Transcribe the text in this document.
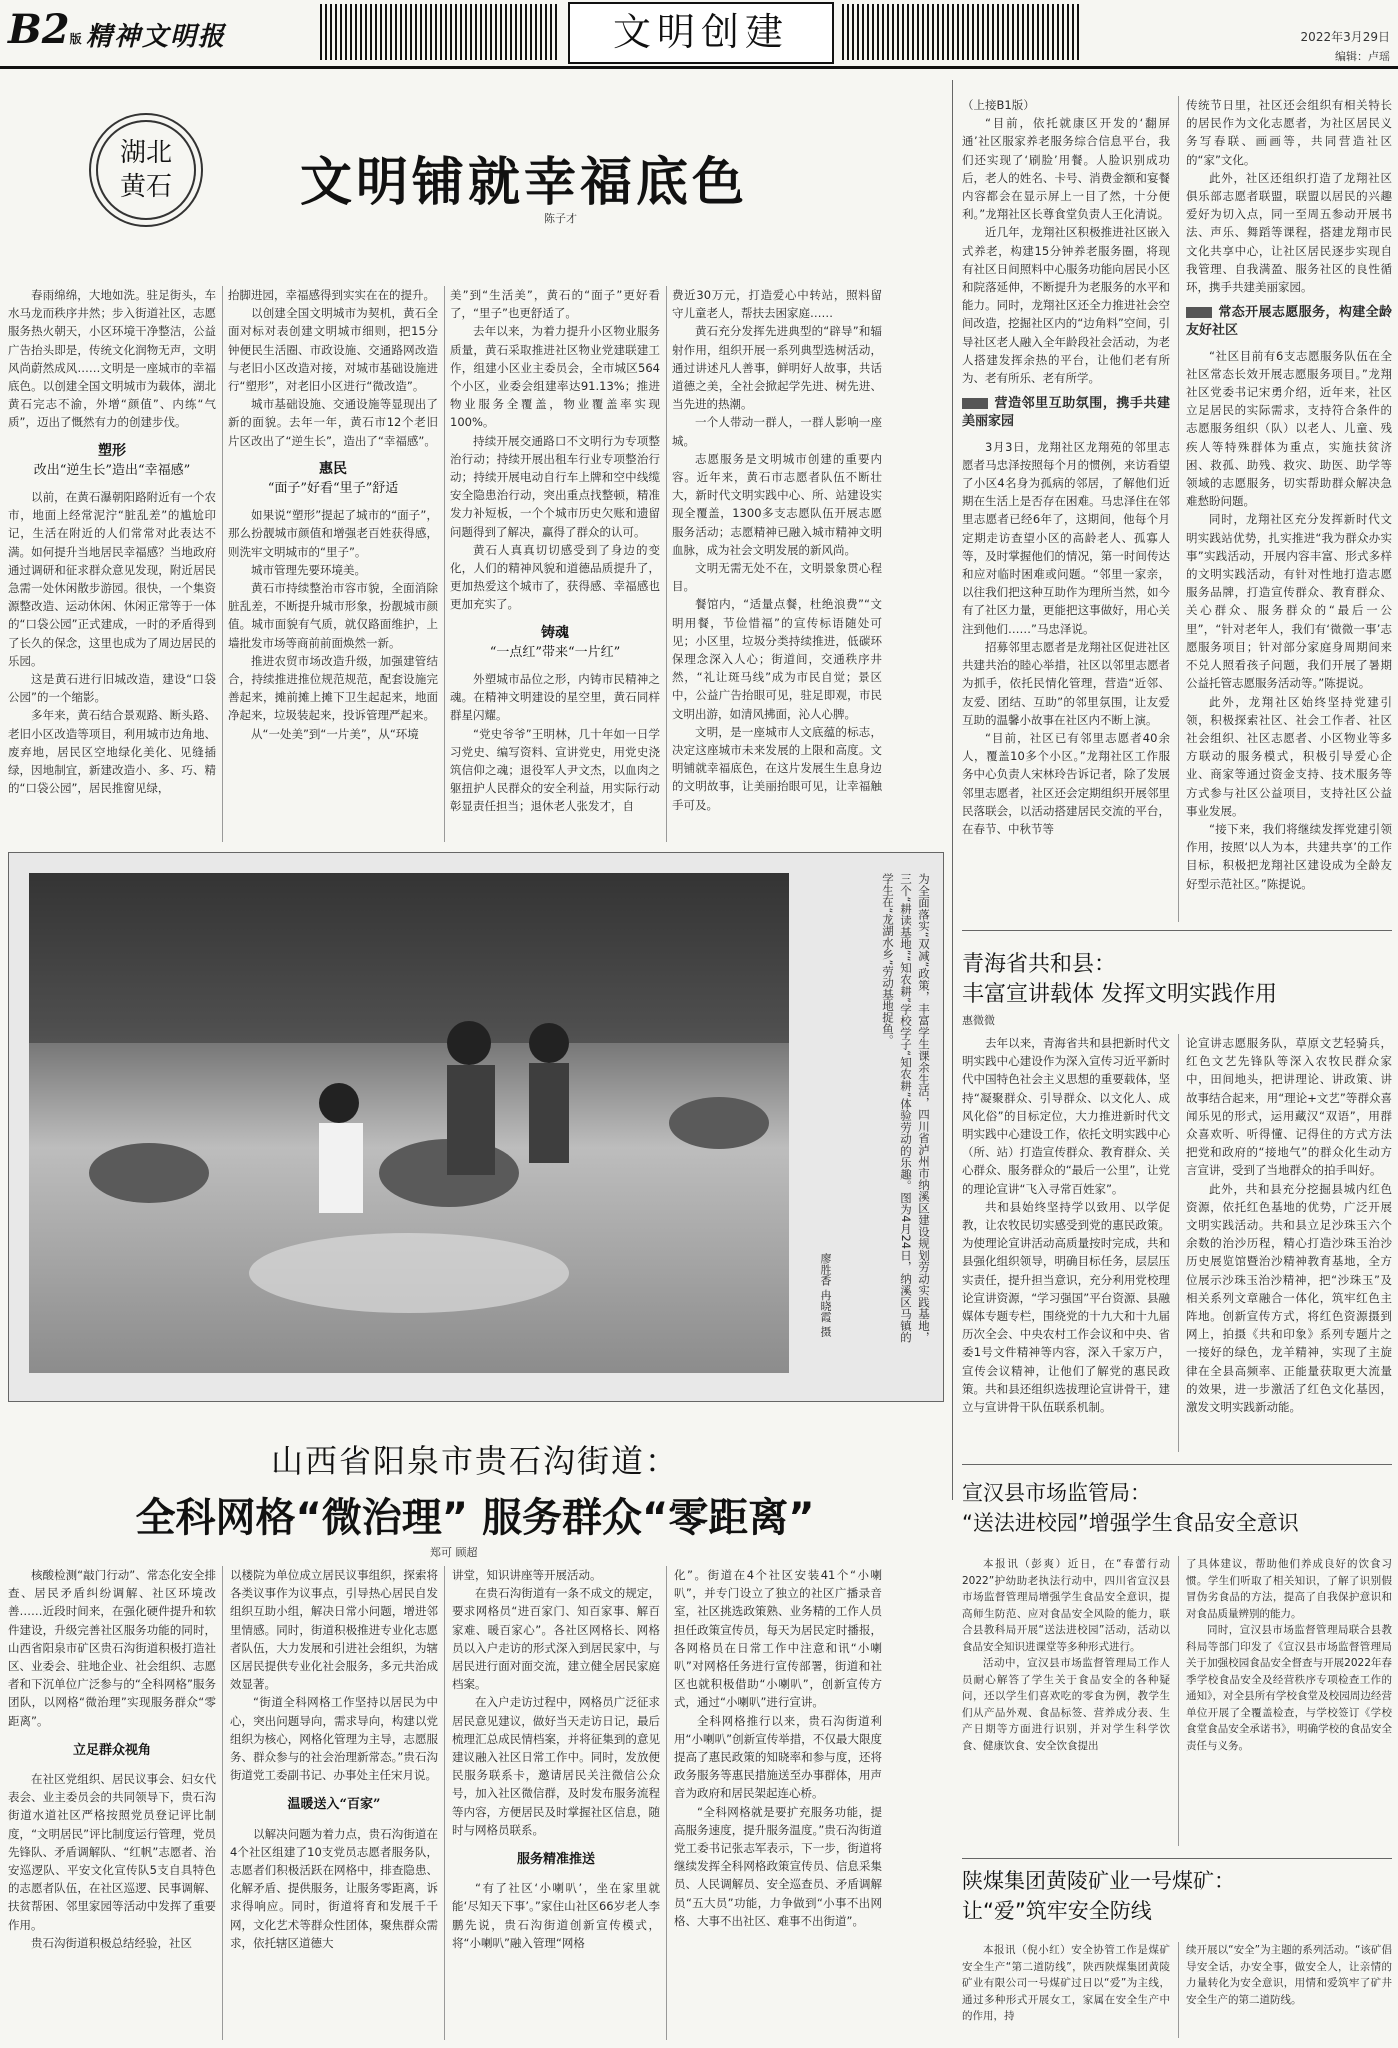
B2版 精神文明报	文明创建	2022年3月29日
编辑：卢瑶
湖北
黄石 文明铺就幸福底色
陈子才

春雨绵绵，大地如洗。驻足街头，车水马龙而秩序井然；步入街道社区，志愿服务热火朝天，小区环境干净整洁，公益广告抬头即是，传统文化润物无声，文明风尚蔚然成风……文明是一座城市的幸福底色。以创建全国文明城市为载体，湖北黄石完志不渝，外增“颜值”、内练“气质”，迈出了慨然有力的创建步伐。

塑形
改出“逆生长”造出“幸福感”

以前，在黄石瀑朝阳路附近有一个农市，地面上经常泥泞“脏乱差”的尴尬印记，生活在附近的人们常常对此表达不满。如何提升当地居民幸福感？当地政府通过调研和征求群众意见发现，附近居民急需一处休闲散步游园。很快，一个集资源整改造、运动休闲、休闲正常等于一体的“口袋公园”正式建成，一时的矛盾得到了长久的保念，这里也成为了周边居民的乐园。

这是黄石进行旧城改造，建设“口袋公园”的一个缩影。

多年来，黄石结合景观路、断头路、老旧小区改造等项目，利用城市边角地、废弃地，居民区空地绿化美化、见缝插绿，因地制宜，新建改造小、多、巧、精的“口袋公园”，居民推窗见绿，

抬脚进园，幸福感得到实实在在的提升。

以创建全国文明城市为契机，黄石全面对标对表创建文明城市细则，把15分钟便民生活圈、市政设施、交通路网改造与老旧小区改造对接，对城市基础设施进行“塑形”，对老旧小区进行“微改造”。

城市基础设施、交通设施等显现出了新的面貌。去年一年，黄石市12个老旧片区改出了“逆生长”，造出了“幸福感”。

惠民
“面子”好看“里子”舒适

如果说“塑形”提起了城市的“面子”，那么扮靓城市颜值和增强老百姓获得感，则洗牢文明城市的“里子”。

城市管理先要环境美。

黄石市持续整治市容市貌，全面消除脏乱差，不断提升城市形象，扮靓城市颜值。城市面貌有气质，就仅路面维护，上墙批发市场等商前前面焕然一新。

推进农贸市场改造升级，加强建管结合，持续推进推位规范规范，配套设施完善起来，摊前摊上摊下卫生起起来，地面净起来，垃圾装起来，投诉管理严起来。

从“一处美”到“一片美”，从“环境

美”到“生活美”，黄石的“面子”更好看了，“里子”也更舒适了。

去年以来，为着力提升小区物业服务质量，黄石采取推进社区物业党建联建工作，组建小区业主委员会，全市城区564个小区，业委会组建率达91.13%；推进物业服务全覆盖，物业覆盖率实现100%。

持续开展交通路口不文明行为专项整治行动；持续开展出租车行业专项整治行动；持续开展电动自行车上牌和空中线缆安全隐患治行动，突出重点找整顿，精准发力补短板，一个个城市历史欠账和遗留问题得到了解决，赢得了群众的认可。

黄石人真真切切感受到了身边的变化，人们的精神风貌和道德品质提升了，更加热爱这个城市了，获得感、幸福感也更加充实了。

铸魂
“一点红”带来“一片红”

外塑城市品位之形，内铸市民精神之魂。在精神文明建设的星空里，黄石同样群星闪耀。

“党史爷爷”王明林，几十年如一日学习党史、编写资料、宣讲党史，用党史浇筑信仰之魂；退役军人尹文杰，以血肉之躯扭护人民群众的安全利益，用实际行动彰显责任担当；退休老人张发才，自

费近30万元，打造爱心中转站，照料留守儿童老人，帮扶去困家庭……

黄石充分发挥先进典型的“辟导”和辐射作用，组织开展一系列典型选树活动，通过讲述凡人善事，鲜明好人故事，共话道德之美，全社会掀起学先进、树先进、当先进的热潮。

一个人带动一群人，一群人影响一座城。

志愿服务是文明城市创建的重要内容。近年来，黄石市志愿者队伍不断壮大，新时代文明实践中心、所、站建设实现全覆盖，1300多支志愿队伍开展志愿服务活动；志愿精神已融入城市精神文明血脉，成为社会文明发展的新风尚。

文明无需无处不在，文明景象贯心程目。

餐馆内，“适量点餐，杜绝浪费”“文明用餐，节俭惜福”的宣传标语随处可见；小区里，垃圾分类持续推进，低碳环保理念深入人心；街道间，交通秩序井然，“礼让斑马线”成为市民自觉；景区中，公益广告抬眼可见，驻足即观，市民文明出游，如清风拂面，沁人心脾。

文明，是一座城市人文底蕴的标志，决定这座城市未来发展的上限和高度。文明铺就幸福底色，在这片发展生生息身边的文明故事，让美丽抬眼可见，让幸福触手可及。

（上接B1版）

“目前，依托就康区开发的‘翻屏通’社区服家养老服务综合信息平台，我们还实现了‘刷脸’用餐。人脸识别成功后，老人的姓名、卡号、消费金额和宴餐内容都会在显示屏上一目了然，十分便利。”龙翔社区长尊食堂负责人王化清说。

近几年，龙翔社区积极推进社区嵌入式养老，构建15分钟养老服务圈，将现有社区日间照料中心服务功能向居民小区和院落延伸，不断提升为老服务的水平和能力。同时，龙翔社区还全力推进社会空间改造，挖掘社区内的“边角料”空间，引导社区老人融入全年龄段社会活动，为老人搭建发挥余热的平台，让他们老有所为、老有所乐、老有所学。

营造邻里互助氛围，携手共建美丽家园

3月3日，龙翔社区龙翔苑的邻里志愿者马忠泽按照每个月的惯例，来访看望了小区4名身为孤病的邻居，了解他们近期在生活上是否存在困难。马忠泽住在邻里志愿者已经6年了，这期间，他每个月定期走访查望小区的高龄老人、孤寡人等，及时掌握他们的情况，第一时间传达和应对临时困难或问题。“邻里一家亲，以往我们把这种互助作为理所当然，如今有了社区力量，更能把这事做好，用心关注到他们……”马忠泽说。

招募邻里志愿者是龙翔社区促进社区共建共治的睦心举措，社区以邻里志愿者为抓手，依托民情化管理，营造“近邻、友爱、团结、互助”的邻里氛围，让友爱互助的温馨小故事在社区内不断上演。

“目前，社区已有邻里志愿者40余人，覆盖10多个小区。”龙翔社区工作服务中心负责人宋林玲告诉记者，除了发展邻里志愿者，社区还会定期组织开展邻里民落联会，以活动搭建居民交流的平台，在春节、中秋节等

传统节日里，社区还会组织有相关特长的居民作为文化志愿者，为社区居民义务写春联、画画等，共同营造社区的“家”文化。

此外，社区还组织打造了龙翔社区俱乐部志愿者联盟，联盟以居民的兴趣爱好为切入点，同一至周五参动开展书法、声乐、舞蹈等课程，搭建龙翔市民文化共享中心，让社区居民逐步实现自我管理、自我满盈、服务社区的良性循环，携手共建美丽家园。

常态开展志愿服务，构建全龄友好社区

“社区目前有6支志愿服务队伍在全社区常态长效开展志愿服务项目。”龙翔社区党委书记宋勇介绍，近年来，社区立足居民的实际需求，支持符合条件的志愿服务组织（队）以老人、儿童、残疾人等特殊群体为重点，实施扶贫济困、救孤、助残、救灾、助医、助学等领域的志愿服务，切实帮助群众解决急难愁盼问题。

同时，龙翔社区充分发挥新时代文明实践站优势，扎实推进“我为群众办实事”实践活动，开展内容丰富、形式多样的文明实践活动，有针对性地打造志愿服务品牌，打造宣传群众、教育群众、关心群众、服务群众的“最后一公里”，“针对老年人，我们有‘微微一事’志愿服务项目；针对部分家庭身周期间来不兑人照看孩子问题，我们开展了暑期公益托管志愿服务活动等。”陈提说。

此外，龙翔社区始终坚持党建引领，积极探索社区、社会工作者、社区社会组织、社区志愿者、小区物业等多方联动的服务模式，积极引导爱心企业、商家等通过资金支持、技术服务等方式参与社区公益项目，支持社区公益事业发展。

“接下来，我们将继续发挥党建引领作用，按照‘以人为本，共建共享’的工作目标，积极把龙翔社区建设成为全龄友好型示范社区。”陈提说。

为全面落实“双减”政策，丰富学生课余生活，四川省泸州市纳溪区建设规划劳动实践基地，三个“耕读基地”“知农耕”学校学子“知农耕”体验劳动的乐趣。图为4月24日，纳溪区马镇的学生在“龙湖水乡”劳动基地捉鱼。
廖胜香 冉晓霞 摄
山西省阳泉市贵石沟街道：
全科网格“微治理” 服务群众“零距离”
郑可 顾超

核酸检测“敲门行动”、常态化安全排查、居民矛盾纠纷调解、社区环境改善……近段时间来，在强化硬件提升和软件建设，升级完善社区服务功能的同时，山西省阳泉市矿区贵石沟街道积极打造社区、业委会、驻地企业、社会组织、志愿者和下沉单位广泛参与的“全科网格”服务团队，以网格“微治理”实现服务群众“零距离”。

立足群众视角

在社区党组织、居民议事会、妇女代表会、业主委员会的共同领导下，贵石沟街道水道社区严格按照党员登记评比制度，“文明居民”评比制度运行管理，党员先锋队、矛盾调解队、“红帆”志愿者、治安巡逻队、平安文化宣传队5支自具特色的志愿者队伍，在社区巡逻、民事调解、扶贫帮困、邻里家园等活动中发挥了重要作用。

贵石沟街道积极总结经验，社区

以楼院为单位成立居民议事组织，探索将各类议事作为议事点，引导热心居民自发组织互助小组，解决日常小问题，增进邻里情感。同时，街道积极推进专业化志愿者队伍，大力发展和引进社会组织，为辖区居民提供专业化社会服务，多元共治成效显著。

“街道全科网格工作坚持以居民为中心，突出问题导向，需求导向，构建以党组织为核心，网格化管理为主导，志愿服务、群众参与的社会治理新常态。”贵石沟街道党工委副书记、办事处主任宋月说。

温暖送入“百家”

以解决问题为着力点，贵石沟街道在4个社区组建了10支党员志愿者服务队，志愿者们积极活跃在网格中，排查隐患、化解矛盾、提供服务，让服务零距离，诉求得响应。同时，街道将育和发展千千网，文化艺术等群众性团体，聚焦群众需求，依托辖区道德大

讲堂，知识讲座等开展活动。

在贵石沟街道有一条不成文的规定，要求网格员“进百家门、知百家事、解百家难、暖百家心”。各社区网格长、网格员以入户走访的形式深入到居民家中，与居民进行面对面交流，建立健全居民家庭档案。

在入户走访过程中，网格员广泛征求居民意见建议，做好当天走访日记，最后梳理汇总成民情档案，并将征集到的意见建议融入社区日常工作中。同时，发放便民服务联系卡，邀请居民关注微信公众号，加入社区微信群，及时发布服务流程等内容，方便居民及时掌握社区信息，随时与网格员联系。

服务精准推送

“有了社区‘小喇叭’，坐在家里就能‘尽知天下事’。”家住山社区66岁老人李鹏先说，贵石沟街道创新宣传模式，将“小喇叭”融入管理“网格

化”。街道在4个社区安装41个“小喇叭”，并专门设立了独立的社区广播录音室，社区挑选政策熟、业务精的工作人员担任政策宣传员，每天为居民定时播报，各网格员在日常工作中注意和讯“小喇叭”对网格任务进行宣传部署，街道和社区也就积极借助“小喇叭”，创新宣传方式，通过“小喇叭”进行宣讲。

全科网格推行以来，贵石沟街道利用“小喇叭”创新宣传举措，不仅最大限度提高了惠民政策的知晓率和参与度，还将政务服务等惠民措施送至办事群体，用声音为政府和居民架起连心桥。

“全科网格就是要扩充服务功能，提高服务速度，提升服务温度。”贵石沟街道党工委书记张志军表示，下一步，街道将继续发挥全科网格政策宣传员、信息采集员、人民调解员、安全巡查员、矛盾调解员“五大员”功能，力争做到“小事不出网格、大事不出社区、难事不出街道”。

青海省共和县：
丰富宣讲载体 发挥文明实践作用
惠微微

去年以来，青海省共和县把新时代文明实践中心建设作为深入宣传习近平新时代中国特色社会主义思想的重要载体，坚持“凝聚群众、引导群众、以文化人、成风化俗”的目标定位，大力推进新时代文明实践中心建设工作，依托文明实践中心（所、站）打造宣传群众、教育群众、关心群众、服务群众的“最后一公里”，让党的理论宣讲“飞入寻常百姓家”。

共和县始终坚持学以致用、以学促教，让农牧民切实感受到党的惠民政策。为使理论宣讲活动高质量按时完成，共和县强化组织领导，明确目标任务，层层压实责任，提升担当意识，充分利用党校理论宣讲资源，“学习强国”平台资源、县融媒体专题专栏，围绕党的十九大和十九届历次全会、中央农村工作会议和中央、省委1号文件精神等内容，深入千家万户，宣传会议精神，让他们了解党的惠民政策。共和县还组织选拔理论宣讲骨干，建立与宣讲骨干队伍联系机制。

论宣讲志愿服务队，草原文艺轻骑兵，红色文艺先锋队等深入农牧民群众家中，田间地头，把讲理论、讲政策、讲故事结合起来，用“理论+文艺”等群众喜闻乐见的形式，运用藏汉“双语”，用群众喜欢听、听得懂、记得住的方式方法把党和政府的“接地气”的群众化生动方言宣讲，受到了当地群众的拍手叫好。

此外，共和县充分挖掘县城内红色资源，依托红色基地的优势，广泛开展文明实践活动。共和县立足沙珠玉六个余数的治沙历程，精心打造沙珠玉治沙历史展览馆暨治沙精神教育基地，全方位展示沙珠玉治沙精神，把“沙珠玉”及相关系列文章融合一体化，筑牢红色主阵地。创新宣传方式，将红色资源摄到网上，拍摄《共和印象》系列专题片之一接好的绿色，龙羊精神，实现了主旋律在全县高频率、正能量获取更大流量的效果，进一步激活了红色文化基因，激发文明实践新动能。

宣汉县市场监管局：
“送法进校园”增强学生食品安全意识

本报讯（彭爽）近日，在“春蕾行动2022”护幼助老执法行动中，四川省宣汉县市场监督管理局增强学生食品安全意识，提高师生防范、应对食品安全风险的能力，联合县教科局开展“送法进校园”活动，活动以食品安全知识进课堂等多种形式进行。

活动中，宣汉县市场监督管理局工作人员耐心解答了学生关于食品安全的各种疑问，还以学生们喜欢吃的零食为例，教学生们从产品外观、食品标签、营养成分表、生产日期等方面进行识别，并对学生科学饮食、健康饮食、安全饮食提出

了具体建议，帮助他们养成良好的饮食习惯。学生们听取了相关知识，了解了识别假冒伪劣食品的方法，提高了自我保护意识和对食品质量辨别的能力。

同时，宣汉县市场监督管理局联合县教科局等部门印发了《宣汉县市场监督管理局关于加强校园食品安全督查与开展2022年春季学校食品安全及经营秩序专项检查工作的通知》，对全县所有学校食堂及校园周边经营单位开展了全覆盖检查，与学校签订《学校食堂食品安全承诺书》，明确学校的食品安全责任与义务。

陕煤集团黄陵矿业一号煤矿：
让“爱”筑牢安全防线

本报讯（倪小红）安全协管工作是煤矿安全生产“第二道防线”，陕西陕煤集团黄陵矿业有限公司一号煤矿过日以“爱”为主线，通过多种形式开展女工，家属在安全生产中的作用，持

续开展以“安全”为主题的系列活动。“该矿倡导安全话，办安全事，做安全人，让亲情的力量转化为安全意识，用情和爱筑牢了矿井安全生产的第二道防线。
